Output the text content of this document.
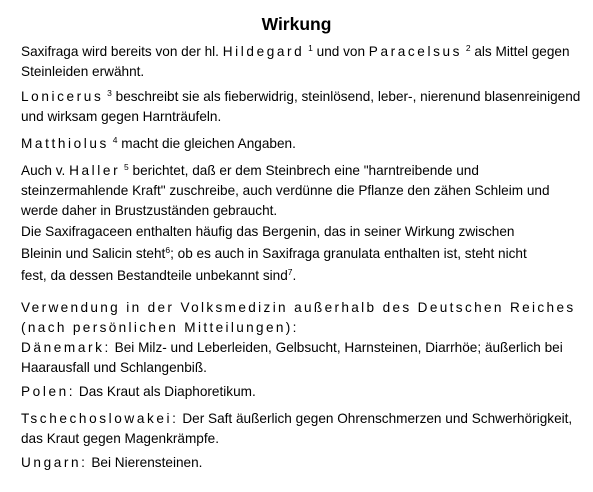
Wirkung

Saxifraga wird bereits von der hl. Hildegard $^1$ und von Paracelsus $^2$ als Mittel gegen Steinleiden erwähnt.

Lonicerus $^3$ beschreibt sie als fieberwidrig, steinlösend, leber-, nierenund blasenreinigend und wirksam gegen Harnträufeln.

Matthiolus $^4$ macht die gleichen Angaben.

Auch v. Haller $^5$ berichtet, daß er dem Steinbrech eine "harntreibende und steinzermahlende Kraft" zuschreibe, auch verdünne die Pflanze den zähen Schleim und werde daher in Brustzuständen gebraucht.

Die Saxifragaceen enthalten häufig das Bergenin, das in seiner Wirkung zwischen
Bleinin und Salicin steht$^6$; ob es auch in Saxifraga granulata enthalten ist, steht nicht
fest, da dessen Bestandteile unbekannt sind$^7$.

Verwendung in der Volksmedizin außerhalb des Deutschen Reiches (nach persönlichen Mitteilungen):

Dänemark: Bei Milz- und Leberleiden, Gelbsucht, Harnsteinen, Diarrhöe; äußerlich bei Haarausfall und Schlangenbiß.

Polen: Das Kraut als Diaphoretikum.

Tschechoslowakei: Der Saft äußerlich gegen Ohrenschmerzen und Schwerhörigkeit, das Kraut gegen Magenkrämpfe.

Ungarn: Bei Nierensteinen.
